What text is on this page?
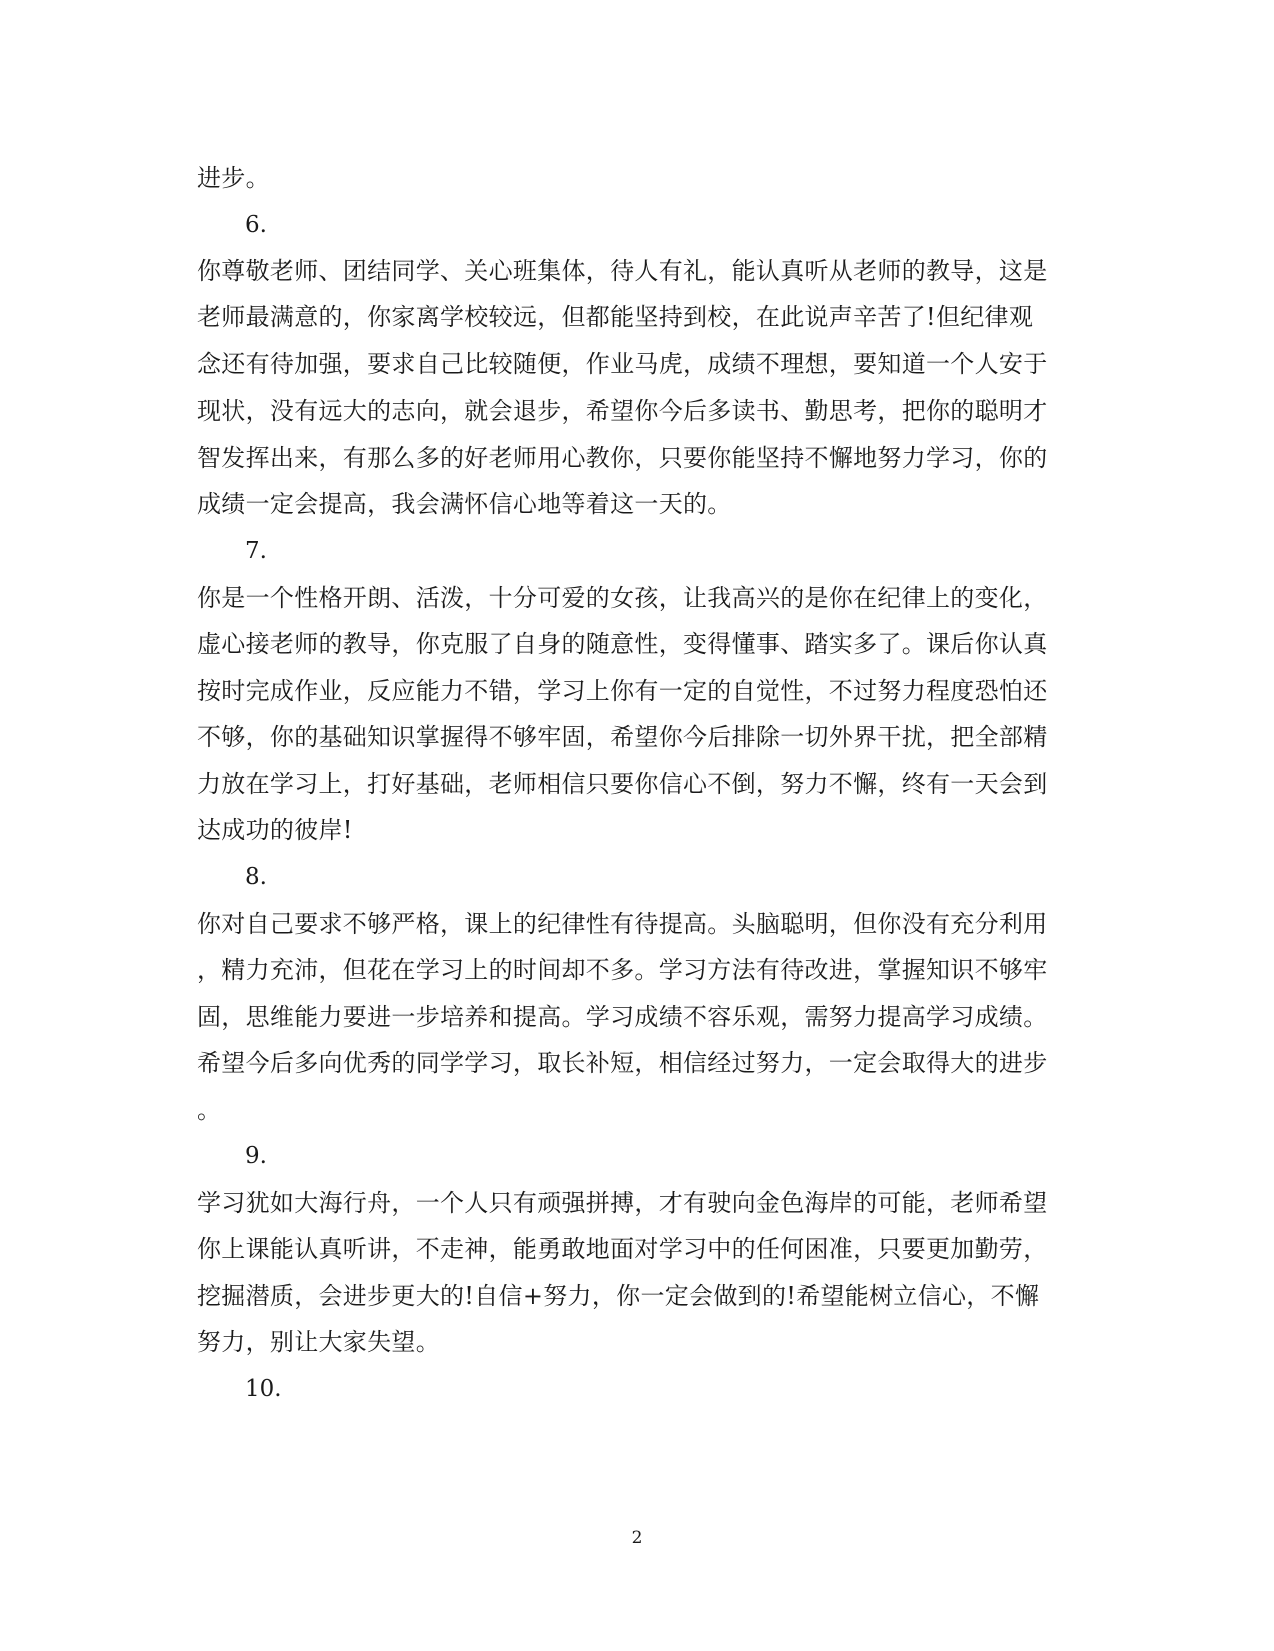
进步。
6.
你尊敬老师、团结同学、关心班集体，待人有礼，能认真听从老师的教导，这是
老师最满意的，你家离学校较远，但都能坚持到校，在此说声辛苦了!但纪律观
念还有待加强，要求自己比较随便，作业马虎，成绩不理想，要知道一个人安于
现状，没有远大的志向，就会退步，希望你今后多读书、勤思考，把你的聪明才
智发挥出来，有那么多的好老师用心教你，只要你能坚持不懈地努力学习，你的
成绩一定会提高，我会满怀信心地等着这一天的。
7.
你是一个性格开朗、活泼，十分可爱的女孩，让我高兴的是你在纪律上的变化，
虚心接老师的教导，你克服了自身的随意性，变得懂事、踏实多了。课后你认真
按时完成作业，反应能力不错，学习上你有一定的自觉性，不过努力程度恐怕还
不够，你的基础知识掌握得不够牢固，希望你今后排除一切外界干扰，把全部精
力放在学习上，打好基础，老师相信只要你信心不倒，努力不懈，终有一天会到
达成功的彼岸!
8.
你对自己要求不够严格，课上的纪律性有待提高。头脑聪明，但你没有充分利用
，精力充沛，但花在学习上的时间却不多。学习方法有待改进，掌握知识不够牢
固，思维能力要进一步培养和提高。学习成绩不容乐观，需努力提高学习成绩。
希望今后多向优秀的同学学习，取长补短，相信经过努力，一定会取得大的进步
。
9.
学习犹如大海行舟，一个人只有顽强拼搏，才有驶向金色海岸的可能，老师希望
你上课能认真听讲，不走神，能勇敢地面对学习中的任何困准，只要更加勤劳，
挖掘潜质，会进步更大的!自信+努力，你一定会做到的!希望能树立信心，不懈
努力，别让大家失望。
10.
2
